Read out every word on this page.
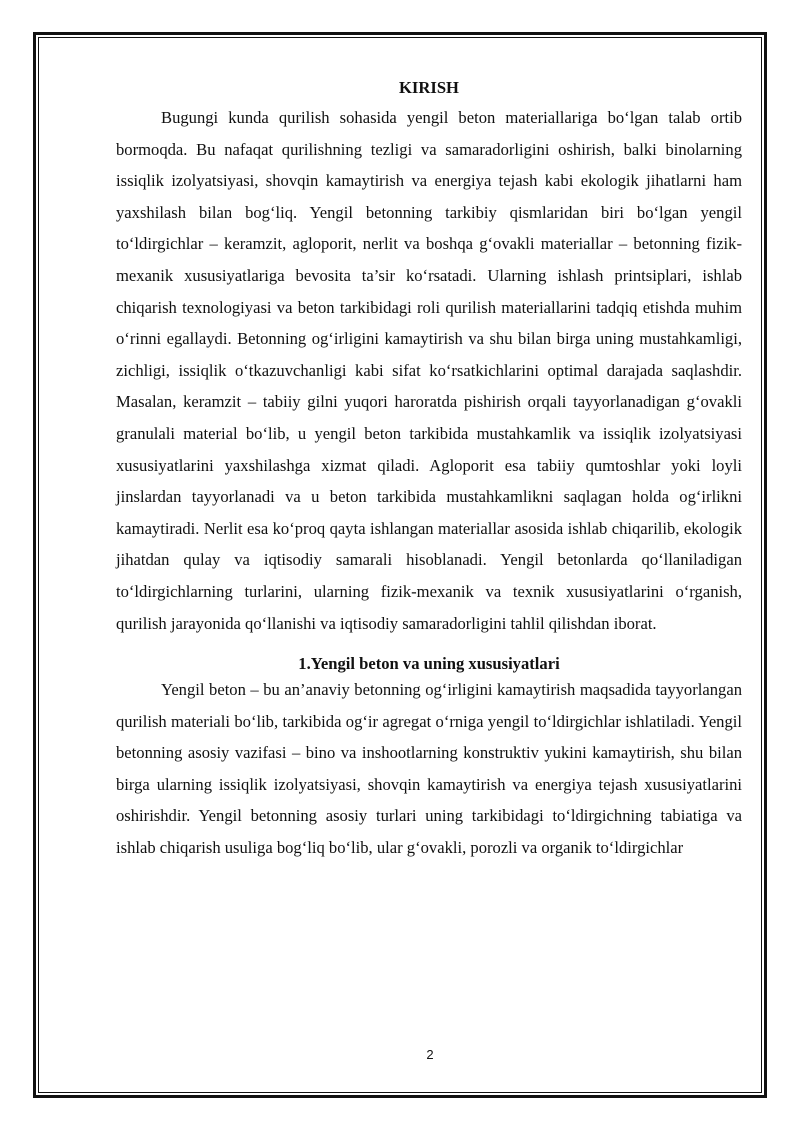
KIRISH

Bugungi kunda qurilish sohasida yengil beton materiallariga bo‘lgan talab ortib bormoqda. Bu nafaqat qurilishning tezligi va samaradorligini oshirish, balki binolarning issiqlik izolyatsiyasi, shovqin kamaytirish va energiya tejash kabi ekologik jihatlarni ham yaxshilash bilan bog‘liq. Yengil betonning tarkibiy qismlaridan biri bo‘lgan yengil to‘ldirgichlar – keramzit, agloporit, nerlit va boshqa g‘ovakli materiallar – betonning fizik-mexanik xususiyatlariga bevosita ta’sir ko‘rsatadi. Ularning ishlash printsiplari, ishlab chiqarish texnologiyasi va beton tarkibidagi roli qurilish materiallarini tadqiq etishda muhim o‘rinni egallaydi. Betonning og‘irligini kamaytirish va shu bilan birga uning mustahkamligi, zichligi, issiqlik o‘tkazuvchanligi kabi sifat ko‘rsatkichlarini optimal darajada saqlashdir. Masalan, keramzit – tabiiy gilni yuqori haroratda pishirish orqali tayyorlanadigan g‘ovakli granulali material bo‘lib, u yengil beton tarkibida mustahkamlik va issiqlik izolyatsiyasi xususiyatlarini yaxshilashga xizmat qiladi. Agloporit esa tabiiy qumtoshlar yoki loyli jinslardan tayyorlanadi va u beton tarkibida mustahkamlikni saqlagan holda og‘irlikni kamaytiradi. Nerlit esa ko‘proq qayta ishlangan materiallar asosida ishlab chiqarilib, ekologik jihatdan qulay va iqtisodiy samarali hisoblanadi. Yengil betonlarda qo‘llaniladigan to‘ldirgichlarning turlarini, ularning fizik-mexanik va texnik xususiyatlarini o‘rganish, qurilish jarayonida qo‘llanishi va iqtisodiy samaradorligini tahlil qilishdan iborat.

1.Yengil beton va uning xususiyatlari

Yengil beton – bu an’anaviy betonning og‘irligini kamaytirish maqsadida tayyorlangan qurilish materiali bo‘lib, tarkibida og‘ir agregat o‘rniga yengil to‘ldirgichlar ishlatiladi. Yengil betonning asosiy vazifasi – bino va inshootlarning konstruktiv yukini kamaytirish, shu bilan birga ularning issiqlik izolyatsiyasi, shovqin kamaytirish va energiya tejash xususiyatlarini oshirishdir. Yengil betonning asosiy turlari uning tarkibidagi to‘ldirgichning tabiatiga va ishlab chiqarish usuliga bog‘liq bo‘lib, ular g‘ovakli, porozli va organik to‘ldirgichlar

2
